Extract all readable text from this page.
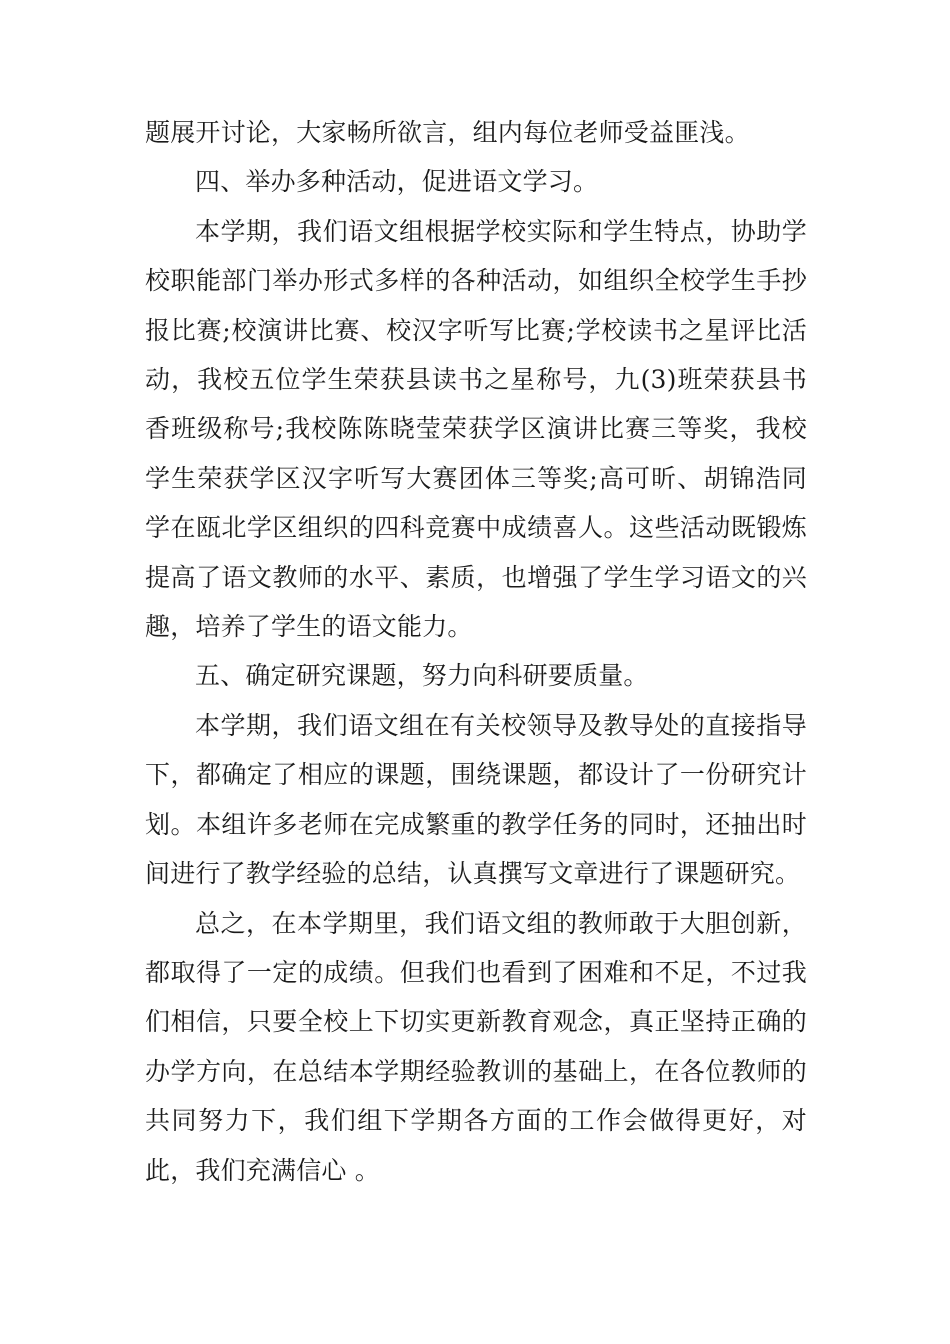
题展开讨论，大家畅所欲言，组内每位老师受益匪浅。

四、举办多种活动，促进语文学习。

本学期，我们语文组根据学校实际和学生特点，协助学校职能部门举办形式多样的各种活动，如组织全校学生手抄报比赛;校演讲比赛、校汉字听写比赛;学校读书之星评比活动，我校五位学生荣获县读书之星称号，九(3)班荣获县书香班级称号;我校陈陈晓莹荣获学区演讲比赛三等奖，我校学生荣获学区汉字听写大赛团体三等奖;高可昕、胡锦浩同学在瓯北学区组织的四科竞赛中成绩喜人。这些活动既锻炼提高了语文教师的水平、素质，也增强了学生学习语文的兴趣，培养了学生的语文能力。

五、确定研究课题，努力向科研要质量。

本学期，我们语文组在有关校领导及教导处的直接指导下，都确定了相应的课题，围绕课题，都设计了一份研究计划。本组许多老师在完成繁重的教学任务的同时，还抽出时间进行了教学经验的总结，认真撰写文章进行了课题研究。

总之，在本学期里，我们语文组的教师敢于大胆创新，都取得了一定的成绩。但我们也看到了困难和不足，不过我们相信，只要全校上下切实更新教育观念，真正坚持正确的办学方向，在总结本学期经验教训的基础上，在各位教师的共同努力下，我们组下学期各方面的工作会做得更好，对此，我们充满信心 。
